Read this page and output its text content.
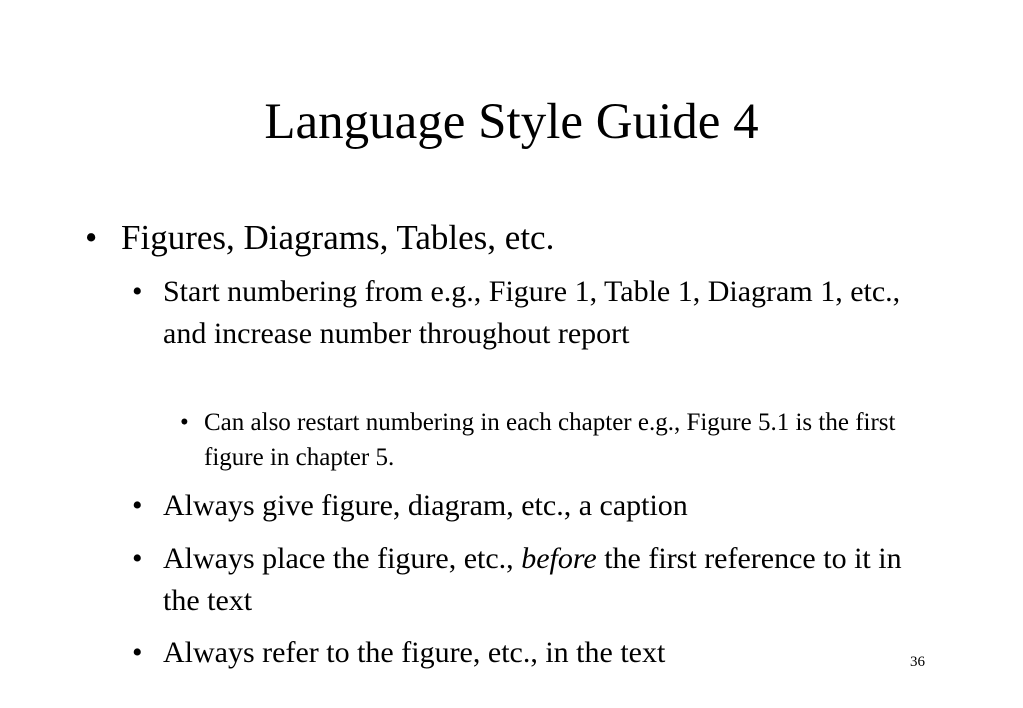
Language Style Guide 4
• Figures, Diagrams, Tables, etc.
• Start numbering from e.g., Figure 1, Table 1, Diagram 1, etc., and increase number throughout report
• Can also restart numbering in each chapter e.g., Figure 5.1 is the first figure in chapter 5.
• Always give figure, diagram, etc., a caption
• Always place the figure, etc., before the first reference to it in the text
• Always refer to the figure, etc., in the text	36
